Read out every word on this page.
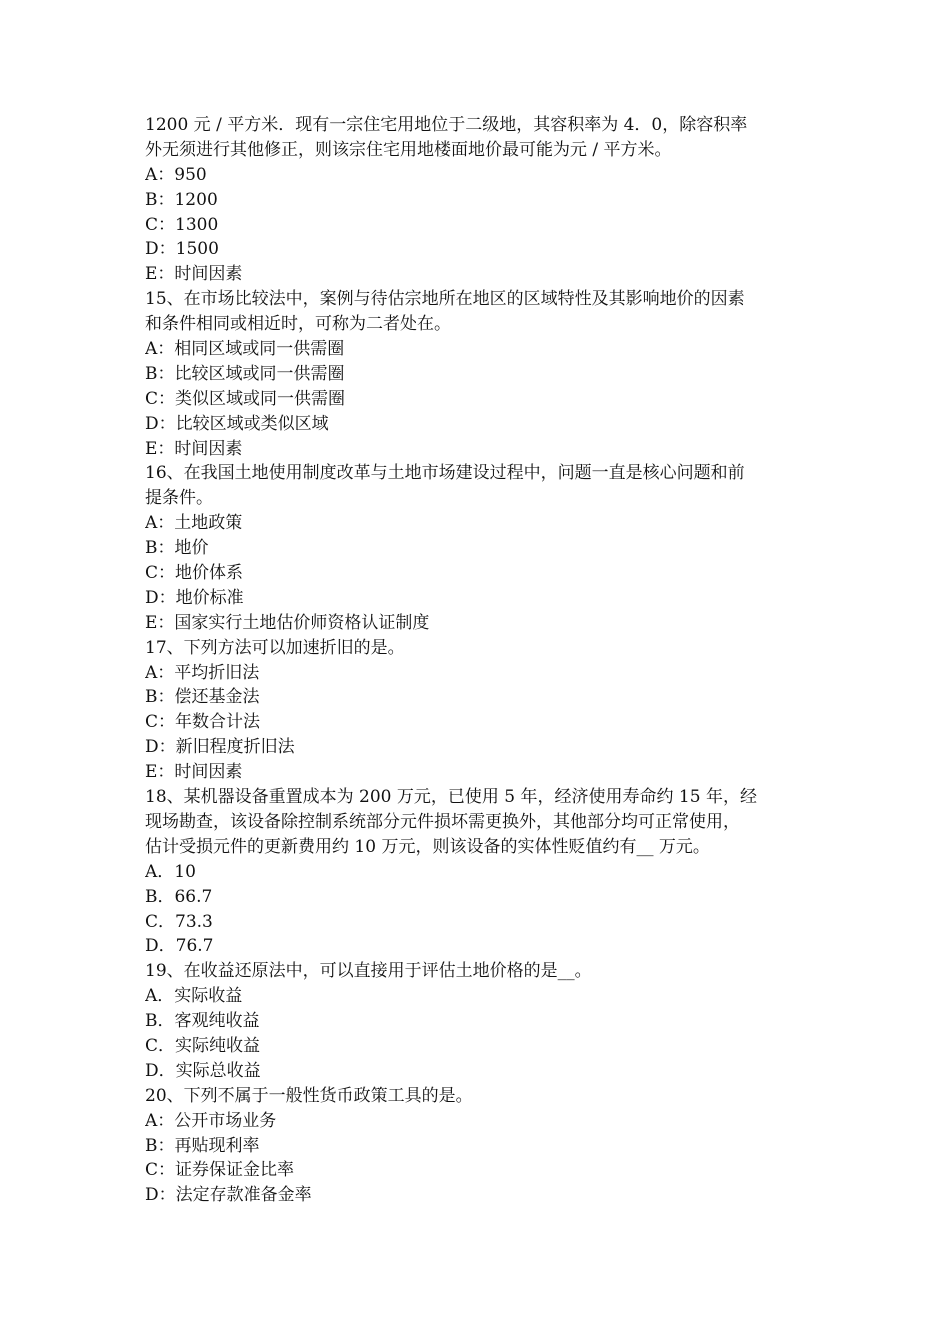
1200 元 / 平方米．现有一宗住宅用地位于二级地，其容积率为 4．0，除容积率
外无须进行其他修正，则该宗住宅用地楼面地价最可能为元 / 平方米。
A：950
B：1200
C：1300
D：1500
E：时间因素
15、在市场比较法中，案例与待估宗地所在地区的区域特性及其影响地价的因素
和条件相同或相近时，可称为二者处在。
A：相同区域或同一供需圈
B：比较区域或同一供需圈
C：类似区域或同一供需圈
D：比较区域或类似区域
E：时间因素
16、在我国土地使用制度改革与土地市场建设过程中，问题一直是核心问题和前
提条件。
A：土地政策
B：地价
C：地价体系
D：地价标准
E：国家实行土地估价师资格认证制度
17、下列方法可以加速折旧的是。
A：平均折旧法
B：偿还基金法
C：年数合计法
D：新旧程度折旧法
E：时间因素
18、某机器设备重置成本为 200 万元，已使用 5 年，经济使用寿命约 15 年，经
现场勘查，该设备除控制系统部分元件损坏需更换外，其他部分均可正常使用，
估计受损元件的更新费用约 10 万元，则该设备的实体性贬值约有__ 万元。
A．10
B．66.7
C．73.3
D．76.7
19、在收益还原法中，可以直接用于评估土地价格的是__。
A．实际收益
B．客观纯收益
C．实际纯收益
D．实际总收益
20、下列不属于一般性货币政策工具的是。
A：公开市场业务
B：再贴现利率
C：证券保证金比率
D：法定存款准备金率
